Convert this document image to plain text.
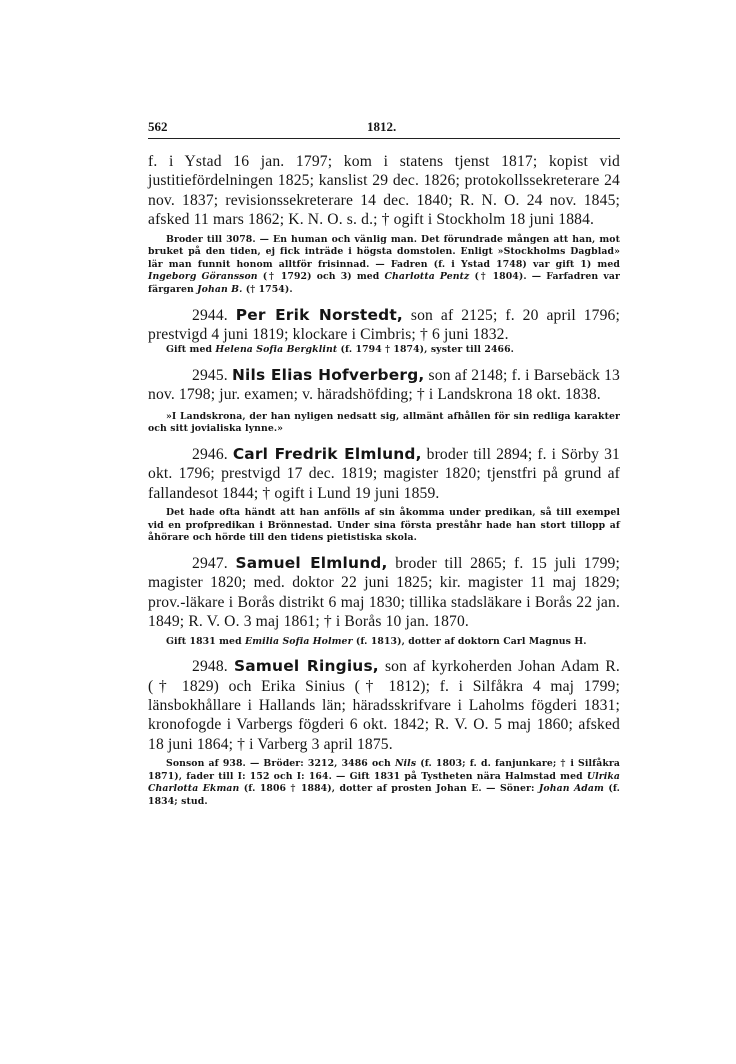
562	1812.

f. i Ystad 16 jan. 1797; kom i statens tjenst 1817; kopist vid justitiefördelningen 1825; kanslist 29 dec. 1826; protokollssekreterare 24 nov. 1837; revisionssekreterare 14 dec. 1840; R. N. O. 24 nov. 1845; afsked 11 mars 1862; K. N. O. s. d.; † ogift i Stockholm 18 juni 1884.

Broder till 3078. — En human och vänlig man. Det förundrade mången att han, mot bruket på den tiden, ej fick inträde i högsta domstolen. Enligt »Stockholms Dagblad» lär man funnit honom alltför frisinnad. — Fadren (f. i Ystad 1748) var gift 1) med Ingeborg Göransson († 1792) och 3) med Charlotta Pentz († 1804). — Farfadren var färgaren Johan B. († 1754).

2944. Per Erik Norstedt, son af 2125; f. 20 april 1796; prestvigd 4 juni 1819; klockare i Cimbris; † 6 juni 1832.

Gift med Helena Sofia Bergklint (f. 1794 † 1874), syster till 2466.

2945. Nils Elias Hofverberg, son af 2148; f. i Barsebäck 13 nov. 1798; jur. examen; v. häradshöfding; † i Landskrona 18 okt. 1838.

»I Landskrona, der han nyligen nedsatt sig, allmänt afhållen för sin redliga karakter och sitt jovialiska lynne.»

2946. Carl Fredrik Elmlund, broder till 2894; f. i Sörby 31 okt. 1796; prestvigd 17 dec. 1819; magister 1820; tjenstfri på grund af fallandesot 1844; † ogift i Lund 19 juni 1859.

Det hade ofta händt att han anfölls af sin åkomma under predikan, så till exempel vid en profpredikan i Brönnestad. Under sina första preståhr hade han stort tillopp af åhörare och hörde till den tidens pietistiska skola.

2947. Samuel Elmlund, broder till 2865; f. 15 juli 1799; magister 1820; med. doktor 22 juni 1825; kir. magister 11 maj 1829; prov.-läkare i Borås distrikt 6 maj 1830; tillika stadsläkare i Borås 22 jan. 1849; R. V. O. 3 maj 1861; † i Borås 10 jan. 1870.

Gift 1831 med Emilia Sofia Holmer (f. 1813), dotter af doktorn Carl Magnus H.

2948. Samuel Ringius, son af kyrkoherden Johan Adam R. († 1829) och Erika Sinius († 1812); f. i Silfåkra 4 maj 1799; länsbokhållare i Hallands län; häradsskrifvare i Laholms fögderi 1831; kronofogde i Varbergs fögderi 6 okt. 1842; R. V. O. 5 maj 1860; afsked 18 juni 1864; † i Varberg 3 april 1875.

Sonson af 938. — Bröder: 3212, 3486 och Nils (f. 1803; f. d. fanjunkare; † i Silfåkra 1871), fader till I: 152 och I: 164. — Gift 1831 på Tystheten nära Halmstad med Ulrika Charlotta Ekman (f. 1806 † 1884), dotter af prosten Johan E. — Söner: Johan Adam (f. 1834; stud.
